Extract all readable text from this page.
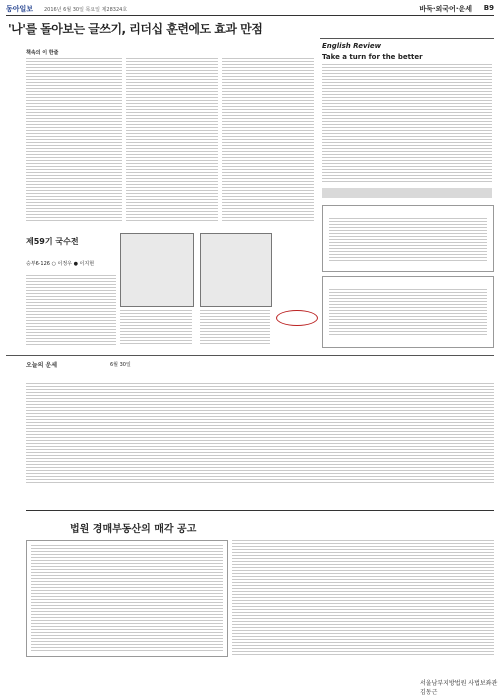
동아일보 2016년 6월 30일 목요일 제28324호	바둑·외국어·운세 B9
'나'를 돌아보는 글쓰기, 리더십 훈련에도 효과 만점
책속의 이 한줄
English Review
Take a turn for the better
제59기 국수전
승부6·126 ○ 이정우 ● 이지현
오늘의 운세	6월 30일
법원 경매부동산의 매각 공고
서울남부지방법원 사법보좌관 김동근
